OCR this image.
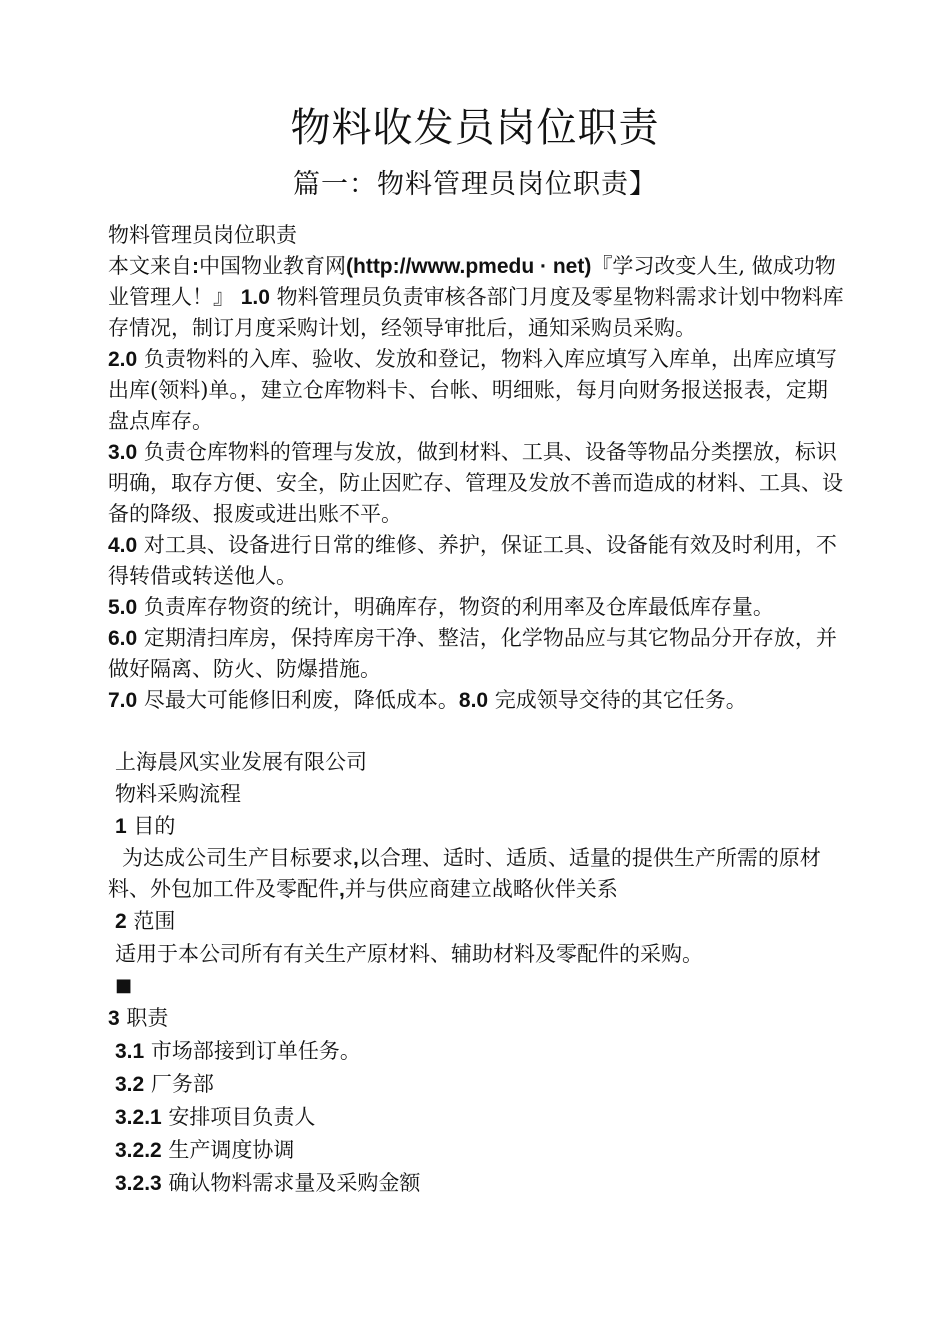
物料收发员岗位职责
篇一：物料管理员岗位职责】

物料管理员岗位职责

本文来自:中国物业教育网(http://www.pmedu · net)『学习改变人生, 做成功物业管理人！』 1.0 物料管理员负责审核各部门月度及零星物料需求计划中物料库存情况，制订月度采购计划，经领导审批后，通知采购员采购。

2.0 负责物料的入库、验收、发放和登记，物料入库应填写入库单，出库应填写出库(领料)单。，建立仓库物料卡、台帐、明细账，每月向财务报送报表，定期盘点库存。

3.0 负责仓库物料的管理与发放，做到材料、工具、设备等物品分类摆放，标识明确，取存方便、安全，防止因贮存、管理及发放不善而造成的材料、工具、设备的降级、报废或进出账不平。

4.0 对工具、设备进行日常的维修、养护，保证工具、设备能有效及时利用，不得转借或转送他人。

5.0 负责库存物资的统计，明确库存，物资的利用率及仓库最低库存量。

6.0 定期清扫库房，保持库房干净、整洁，化学物品应与其它物品分开存放，并做好隔离、防火、防爆措施。

7.0 尽最大可能修旧利废，降低成本。8.0 完成领导交待的其它任务。

上海晨风实业发展有限公司

物料采购流程

1 目的

为达成公司生产目标要求,以合理、适时、适质、适量的提供生产所需的原材料、外包加工件及零配件,并与供应商建立战略伙伴关系

2 范围

适用于本公司所有有关生产原材料、辅助材料及零配件的采购。

■

3 职责

3.1 市场部接到订单任务。

3.2 厂务部

3.2.1 安排项目负责人

3.2.2 生产调度协调

3.2.3 确认物料需求量及采购金额
